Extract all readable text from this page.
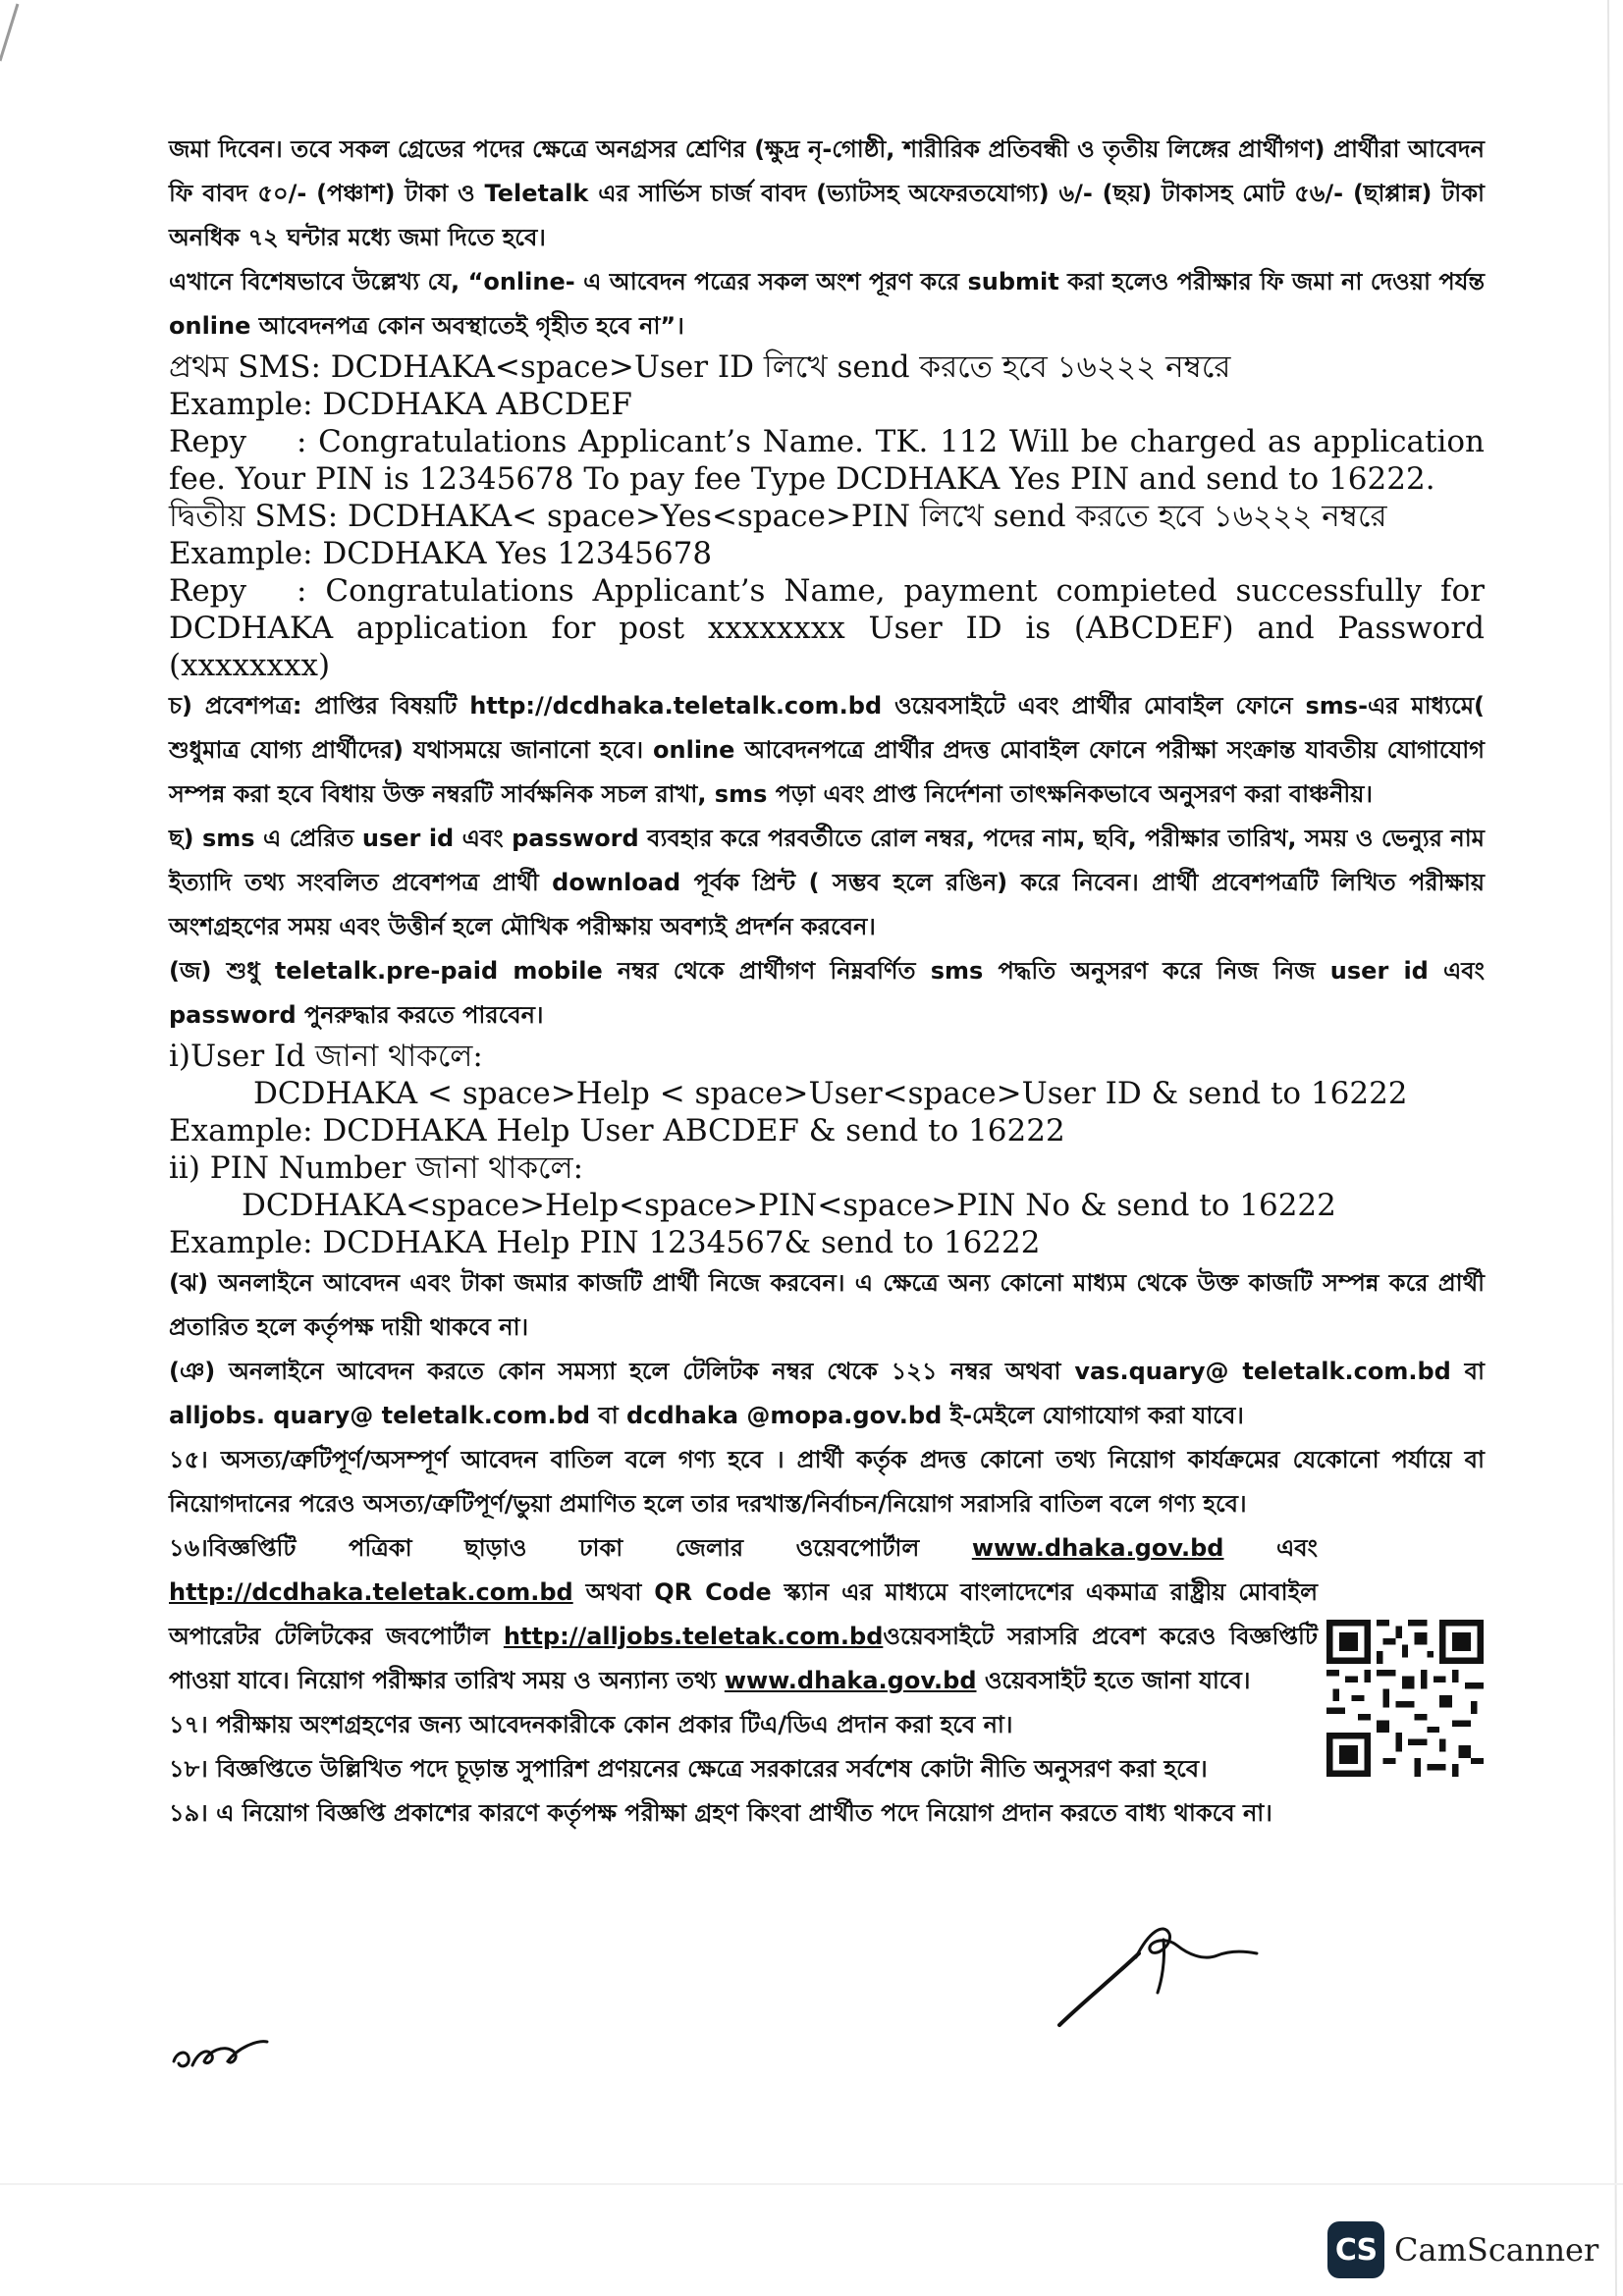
জমা দিবেন। তবে সকল গ্রেডের পদের ক্ষেত্রে অনগ্রসর শ্রেণির (ক্ষুদ্র নৃ-গোষ্ঠী, শারীরিক প্রতিবন্ধী ও তৃতীয় লিঙ্গের প্রার্থীগণ) প্রার্থীরা আবেদন ফি বাবদ ৫০/- (পঞ্চাশ) টাকা ও Teletalk এর সার্ভিস চার্জ বাবদ (ভ্যাটসহ অফেরতযোগ্য) ৬/- (ছয়) টাকাসহ মোট ৫৬/- (ছাপ্পান্ন) টাকা অনধিক ৭২ ঘন্টার মধ্যে জমা দিতে হবে।

এখানে বিশেষভাবে উল্লেখ্য যে, “online- এ আবেদন পত্রের সকল অংশ পূরণ করে submit করা হলেও পরীক্ষার ফি জমা না দেওয়া পর্যন্ত online আবেদনপত্র কোন অবস্থাতেই গৃহীত হবে না”।

প্রথম SMS: DCDHAKA<space>User ID লিখে send করতে হবে ১৬২২২ নম্বরে

Example: DCDHAKA ABCDEF

Repy : Congratulations Applicant’s Name. TK. 112 Will be charged as application fee. Your PIN is 12345678 To pay fee Type DCDHAKA Yes PIN and send to 16222.

দ্বিতীয় SMS: DCDHAKA< space>Yes<space>PIN লিখে send করতে হবে ১৬২২২ নম্বরে

Example: DCDHAKA Yes 12345678

Repy : Congratulations Applicant’s Name, payment compieted successfully for DCDHAKA application for post xxxxxxxx User ID is (ABCDEF) and Password (xxxxxxxx)

চ) প্রবেশপত্র: প্রাপ্তির বিষয়টি http://dcdhaka.teletalk.com.bd ওয়েবসাইটে এবং প্রার্থীর মোবাইল ফোনে sms-এর মাধ্যমে( শুধুমাত্র যোগ্য প্রার্থীদের) যথাসময়ে জানানো হবে। online আবেদনপত্রে প্রার্থীর প্রদত্ত মোবাইল ফোনে পরীক্ষা সংক্রান্ত যাবতীয় যোগাযোগ সম্পন্ন করা হবে বিধায় উক্ত নম্বরটি সার্বক্ষনিক সচল রাখা, sms পড়া এবং প্রাপ্ত নির্দেশনা তাৎক্ষনিকভাবে অনুসরণ করা বাঞ্চনীয়।

ছ) sms এ প্রেরিত user id এবং password ব্যবহার করে পরবর্তীতে রোল নম্বর, পদের নাম, ছবি, পরীক্ষার তারিখ, সময় ও ভেন্যুর নাম ইত্যাদি তথ্য সংবলিত প্রবেশপত্র প্রার্থী download পূর্বক প্রিন্ট ( সম্ভব হলে রঙিন) করে নিবেন। প্রার্থী প্রবেশপত্রটি লিখিত পরীক্ষায় অংশগ্রহণের সময় এবং উত্তীর্ন হলে মৌখিক পরীক্ষায় অবশ্যই প্রদর্শন করবেন।

(জ) শুধু teletalk.pre-paid mobile নম্বর থেকে প্রার্থীগণ নিম্নবর্ণিত sms পদ্ধতি অনুসরণ করে নিজ নিজ user id এবং password পুনরুদ্ধার করতে পারবেন।

i)User Id জানা থাকলে:

DCDHAKA < space>Help < space>User<space>User ID & send to 16222

Example: DCDHAKA Help User ABCDEF & send to 16222

ii) PIN Number জানা থাকলে:

DCDHAKA<space>Help<space>PIN<space>PIN No & send to 16222

Example: DCDHAKA Help PIN 1234567& send to 16222

(ঝ) অনলাইনে আবেদন এবং টাকা জমার কাজটি প্রার্থী নিজে করবেন। এ ক্ষেত্রে অন্য কোনো মাধ্যম থেকে উক্ত কাজটি সম্পন্ন করে প্রার্থী প্রতারিত হলে কর্তৃপক্ষ দায়ী থাকবে না।

(ঞ) অনলাইনে আবেদন করতে কোন সমস্যা হলে টেলিটক নম্বর থেকে ১২১ নম্বর অথবা vas.quary@ teletalk.com.bd বা alljobs. quary@ teletalk.com.bd বা dcdhaka @mopa.gov.bd ই-মেইলে যোগাযোগ করা যাবে।

১৫। অসত্য/ত্রুটিপূর্ণ/অসম্পূর্ণ আবেদন বাতিল বলে গণ্য হবে । প্রার্থী কর্তৃক প্রদত্ত কোনো তথ্য নিয়োগ কার্যক্রমের যেকোনো পর্যায়ে বা নিয়োগদানের পরেও অসত্য/ত্রুটিপূর্ণ/ভুয়া প্রমাণিত হলে তার দরখাস্ত/নির্বাচন/নিয়োগ সরাসরি বাতিল বলে গণ্য হবে।

১৬।বিজ্ঞপ্তিটি পত্রিকা ছাড়াও ঢাকা জেলার ওয়েবপোর্টাল www.dhaka.gov.bd এবং http://dcdhaka.teletak.com.bd অথবা QR Code স্ক্যান এর মাধ্যমে বাংলাদেশের একমাত্র রাষ্ট্রীয় মোবাইল অপারেটর টেলিটকের জবপোর্টাল http://alljobs.teletak.com.bdওয়েবসাইটে সরাসরি প্রবেশ করেও বিজ্ঞপ্তিটি পাওয়া যাবে। নিয়োগ পরীক্ষার তারিখ সময় ও অন্যান্য তথ্য www.dhaka.gov.bd ওয়েবসাইট হতে জানা যাবে।

১৭। পরীক্ষায় অংশগ্রহণের জন্য আবেদনকারীকে কোন প্রকার টিএ/ডিএ প্রদান করা হবে না।

১৮। বিজ্ঞপ্তিতে উল্লিখিত পদে চূড়ান্ত সুপারিশ প্রণয়নের ক্ষেত্রে সরকারের সর্বশেষ কোটা নীতি অনুসরণ করা হবে।

১৯। এ নিয়োগ বিজ্ঞপ্তি প্রকাশের কারণে কর্তৃপক্ষ পরীক্ষা গ্রহণ কিংবা প্রার্থীত পদে নিয়োগ প্রদান করতে বাধ্য থাকবে না।

CS CamScanner
